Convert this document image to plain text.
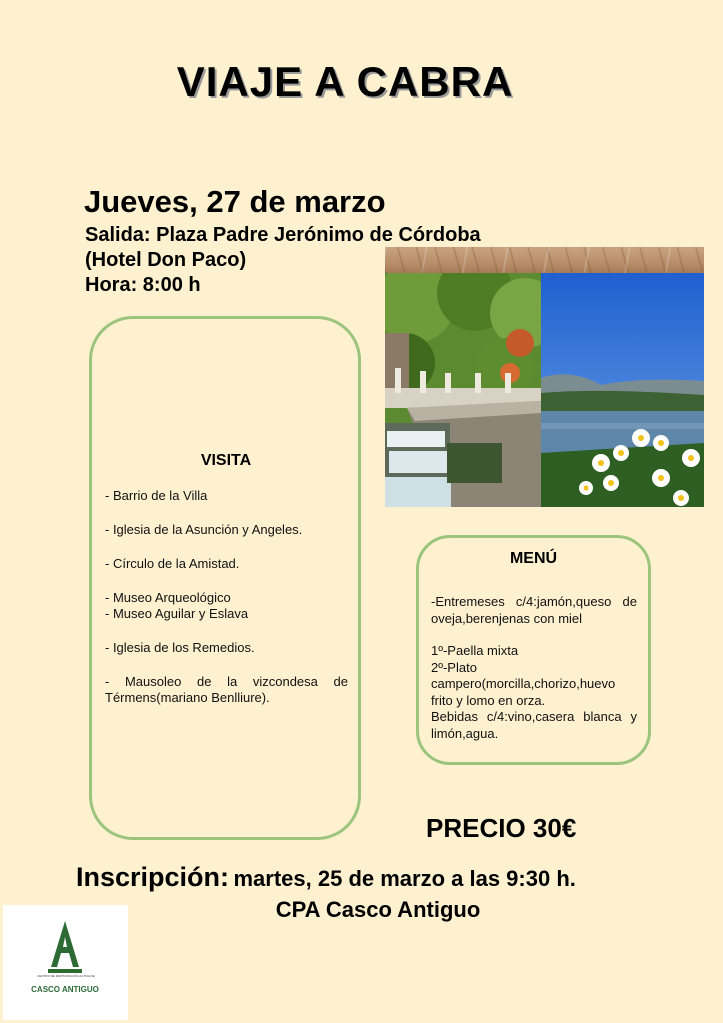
VIAJE A CABRA
Jueves, 27 de marzo
Salida: Plaza Padre Jerónimo de Córdoba
(Hotel Don Paco)
Hora: 8:00 h
VISITA
- Barrio de la Villa
- Iglesia de la Asunción y Angeles.
- Círculo de la Amistad.
- Museo Arqueológico
- Museo Aguilar y Eslava
- Iglesia de los Remedios.
- Mausoleo de la vizcondesa de Térmens(mariano Benlliure).
MENÚ

-Entremeses c/4:jamón,queso de oveja,berenjenas con miel

1º-Paella mixta

2º-Plato campero(morcilla,chorizo,huevo frito y lomo en orza.

Bebidas c/4:vino,casera blanca y limón,agua.

PRECIO 30€
Inscripción: martes, 25 de marzo a las 9:30 h.
CPA Casco Antiguo
CENTRO DE PARTICIPACIÓN ACTIVA DE
CASCO ANTIGUO
